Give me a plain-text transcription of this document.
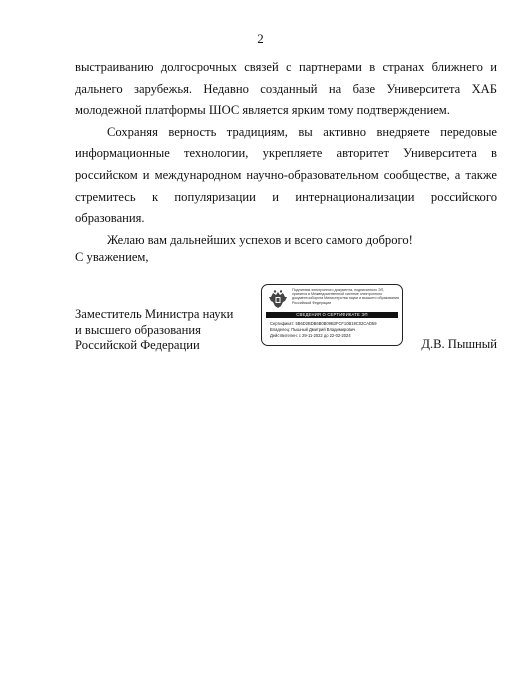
2

выстраиванию долгосрочных связей с партнерами в странах ближнего и дальнего зарубежья. Недавно созданный на базе Университета ХАБ молодежной платформы ШОС является ярким тому подтверждением.

Сохраняя верность традициям, вы активно внедряете передовые информационные технологии, укрепляете авторитет Университета в российском и международном научно-образовательном сообществе, а также стремитесь к популяризации и интернационализации российского образования.

Желаю вам дальнейших успехов и всего самого доброго!

С уважением,
Заместитель Министра науки
и высшего образования
Российской Федерации
Подлинник электронного документа, подписанного ЭП, хранится в Межведомственной системе электронного документооборота Министерства науки и высшего образования Российской Федерации
СВЕДЕНИЯ О СЕРТИФИКАТЕ ЭП
Сертификат: 5B6D2BDB6B0B09B3FCF10B19C02CAD59
Владелец: Пышный Дмитрий Владимирович
Действителен: с 29-11-2022 до 22-02-2024
Д.В. Пышный
